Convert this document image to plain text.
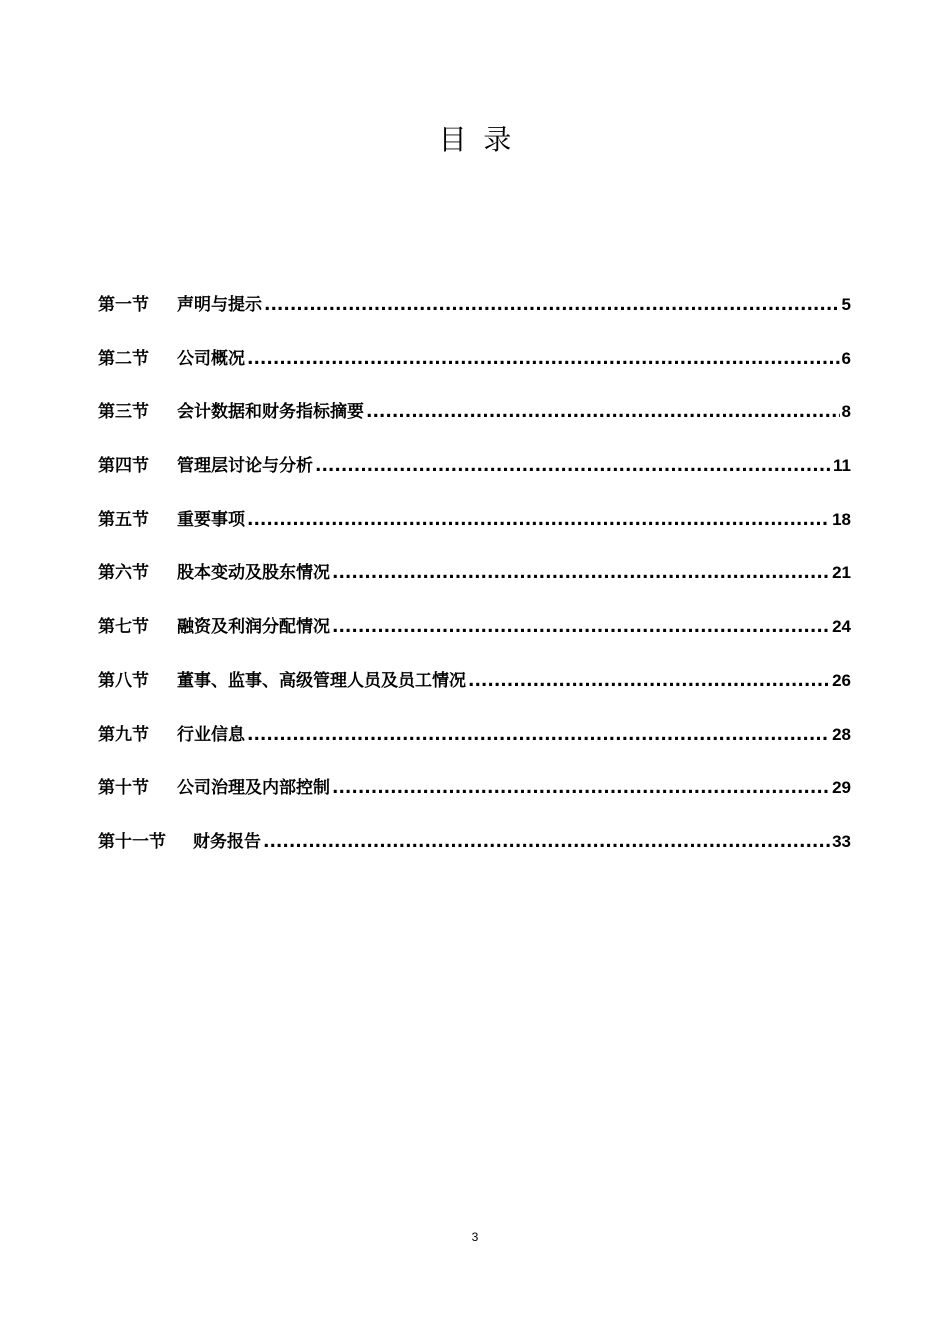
目录
第一节 声明与提示 .....	5
第二节 公司概况 .....	6
第三节 会计数据和财务指标摘要 .....	8
第四节 管理层讨论与分析 .....	11
第五节 重要事项 .....	18
第六节 股本变动及股东情况 .....	21
第七节 融资及利润分配情况 .....	24
第八节 董事、监事、高级管理人员及员工情况 .....	26
第九节 行业信息 .....	28
第十节 公司治理及内部控制 .....	29
第十一节 财务报告 .....	33
3
